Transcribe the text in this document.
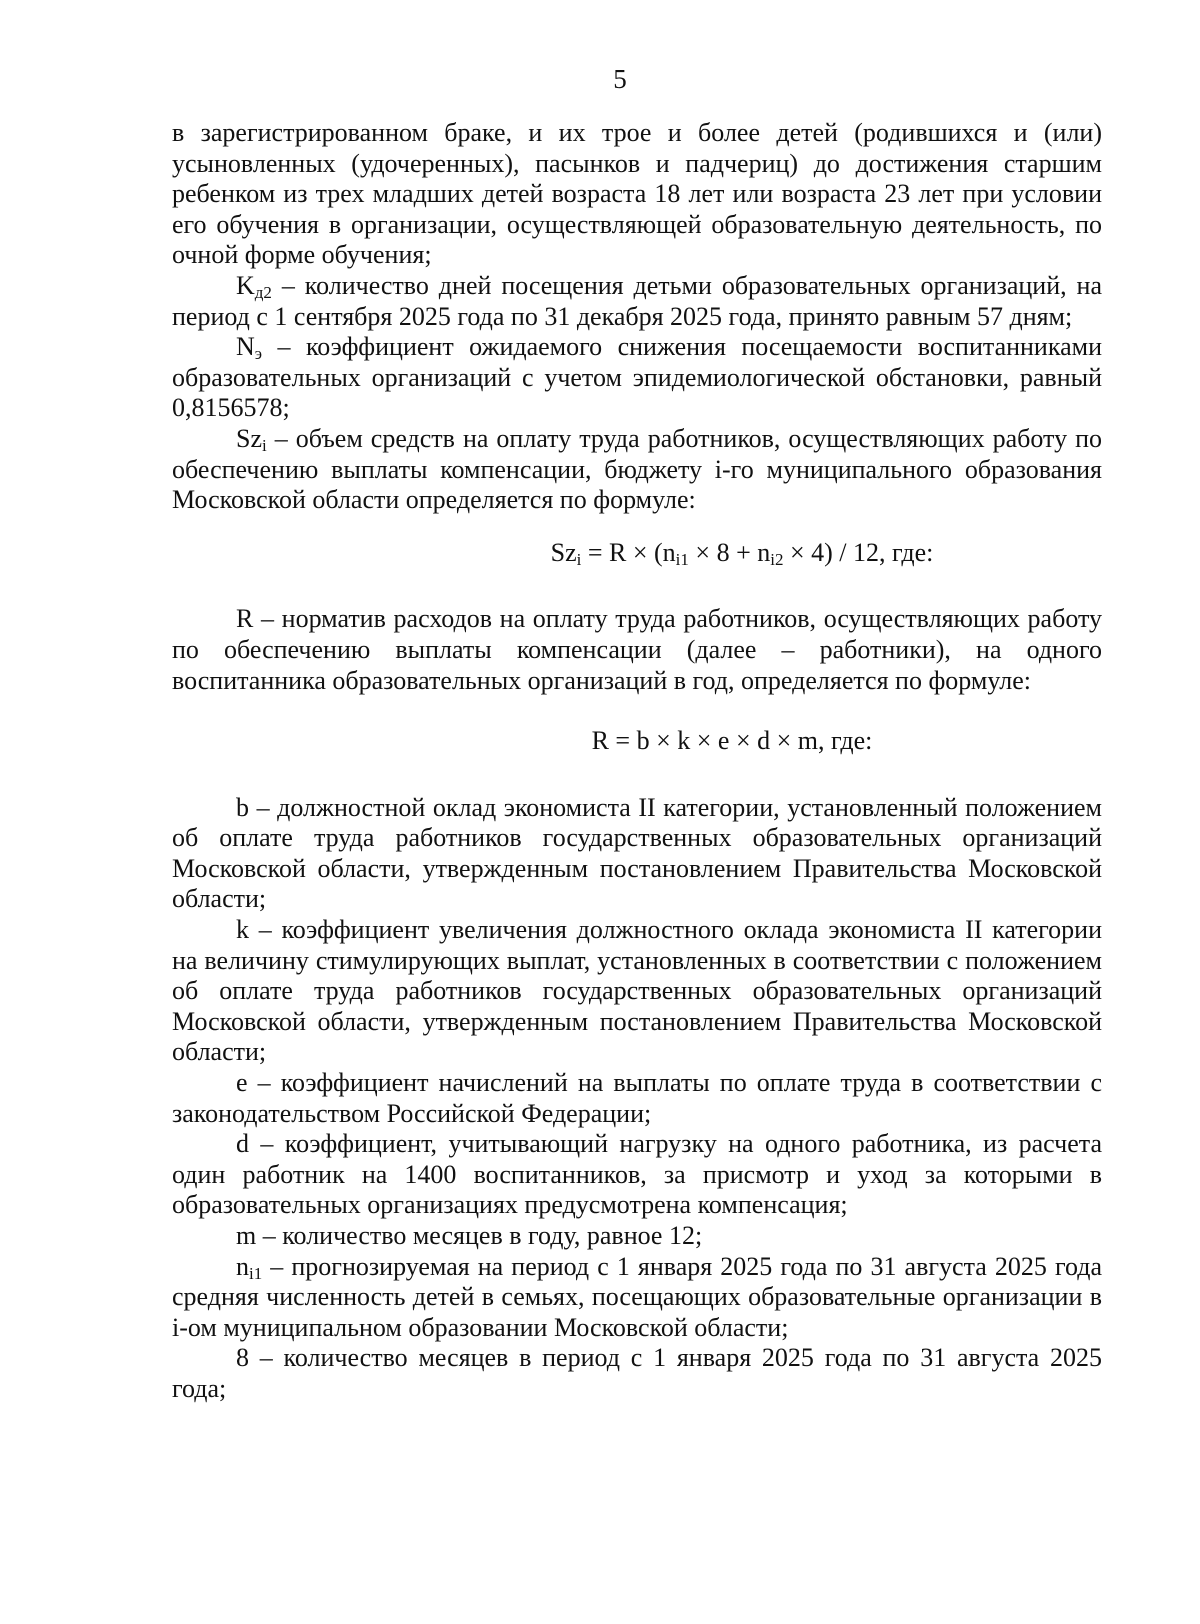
5

в зарегистрированном браке, и их трое и более детей (родившихся и (или) усыновленных (удочеренных), пасынков и падчериц) до достижения старшим ребенком из трех младших детей возраста 18 лет или возраста 23 лет при условии его обучения в организации, осуществляющей образовательную деятельность, по очной форме обучения;

$K_{д2}$ – количество дней посещения детьми образовательных организаций, на период с 1 сентября 2025 года по 31 декабря 2025 года, принято равным 57 дням;

$N_э$ – коэффициент ожидаемого снижения посещаемости воспитанниками образовательных организаций с учетом эпидемиологической обстановки, равный 0,8156578;

$Sz_i$ – объем средств на оплату труда работников, осуществляющих работу по обеспечению выплаты компенсации, бюджету i-го муниципального образования Московской области определяется по формуле:

$Sz_i = R \times (n_{i1} \times 8 + n_{i2} \times 4) / 12$, где:

R – норматив расходов на оплату труда работников, осуществляющих работу по обеспечению выплаты компенсации (далее – работники), на одного воспитанника образовательных организаций в год, определяется по формуле:

R = b × k × e × d × m, где:

b – должностной оклад экономиста II категории, установленный положением об оплате труда работников государственных образовательных организаций Московской области, утвержденным постановлением Правительства Московской области;

k – коэффициент увеличения должностного оклада экономиста II категории на величину стимулирующих выплат, установленных в соответствии с положением об оплате труда работников государственных образовательных организаций Московской области, утвержденным постановлением Правительства Московской области;

e – коэффициент начислений на выплаты по оплате труда в соответствии с законодательством Российской Федерации;

d – коэффициент, учитывающий нагрузку на одного работника, из расчета один работник на 1400 воспитанников, за присмотр и уход за которыми в образовательных организациях предусмотрена компенсация;

m – количество месяцев в году, равное 12;

$n_{i1}$ – прогнозируемая на период с 1 января 2025 года по 31 августа 2025 года средняя численность детей в семьях, посещающих образовательные организации в i-ом муниципальном образовании Московской области;

8 – количество месяцев в период с 1 января 2025 года по 31 августа 2025 года;
